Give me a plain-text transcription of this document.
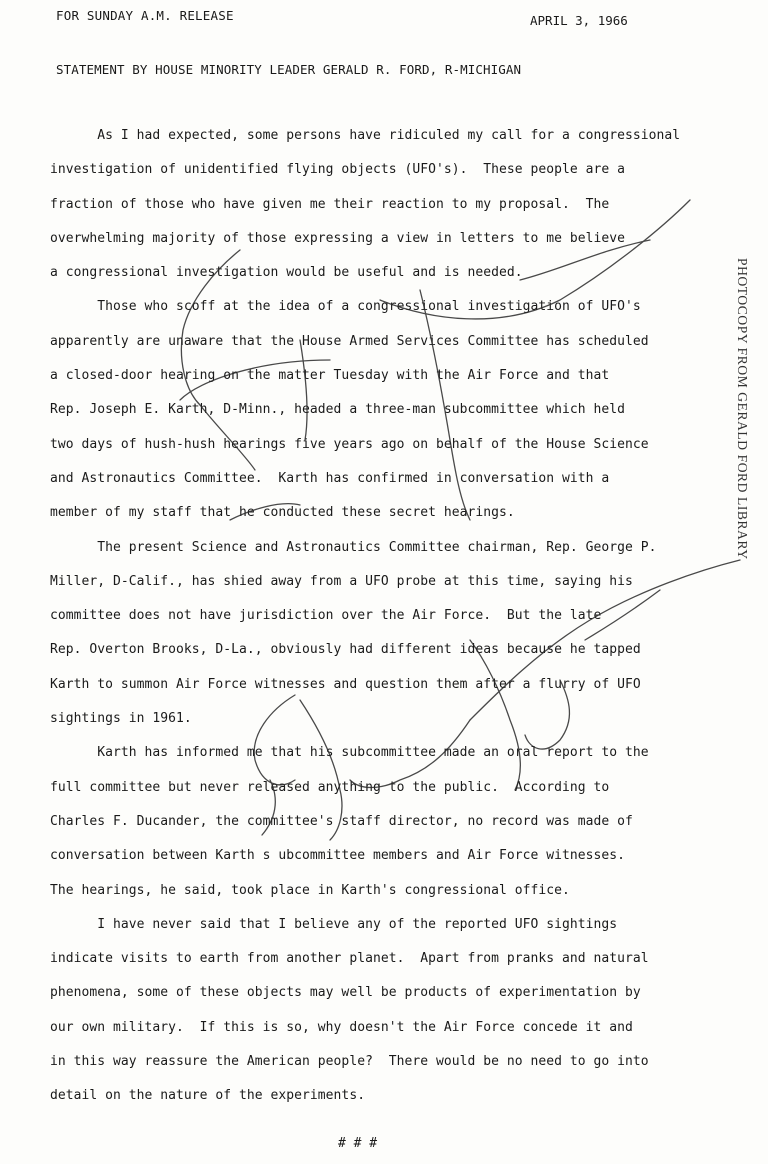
FOR SUNDAY A.M. RELEASE	APRIL 3, 1966
STATEMENT BY HOUSE MINORITY LEADER GERALD R. FORD, R-MICHIGAN
As I had expected, some persons have ridiculed my call for a congressional
investigation of unidentified flying objects (UFO's).  These people are a
fraction of those who have given me their reaction to my proposal.  The
overwhelming majority of those expressing a view in letters to me believe
a congressional investigation would be useful and is needed.
Those who scoff at the idea of a congressional investigation of UFO's
apparently are unaware that the House Armed Services Committee has scheduled
a closed-door hearing on the matter Tuesday with the Air Force and that
Rep. Joseph E. Karth, D-Minn., headed a three-man subcommittee which held
two days of hush-hush hearings five years ago on behalf of the House Science
and Astronautics Committee.  Karth has confirmed in conversation with a
member of my staff that he conducted these secret hearings.
The present Science and Astronautics Committee chairman, Rep. George P.
Miller, D-Calif., has shied away from a UFO probe at this time, saying his
committee does not have jurisdiction over the Air Force.  But the late
Rep. Overton Brooks, D-La., obviously had different ideas because he tapped
Karth to summon Air Force witnesses and question them after a flurry of UFO
sightings in 1961.
Karth has informed me that his subcommittee made an oral report to the
full committee but never released anything to the public.  According to
Charles F. Ducander, the committee's staff director, no record was made of
conversation between Karth s ubcommittee members and Air Force witnesses.
The hearings, he said, took place in Karth's congressional office.
I have never said that I believe any of the reported UFO sightings
indicate visits to earth from another planet.  Apart from pranks and natural
phenomena, some of these objects may well be products of experimentation by
our own military.  If this is so, why doesn't the Air Force concede it and
in this way reassure the American people?  There would be no need to go into
detail on the nature of the experiments.
# # #
PHOTOCOPY FROM GERALD FORD LIBRARY
